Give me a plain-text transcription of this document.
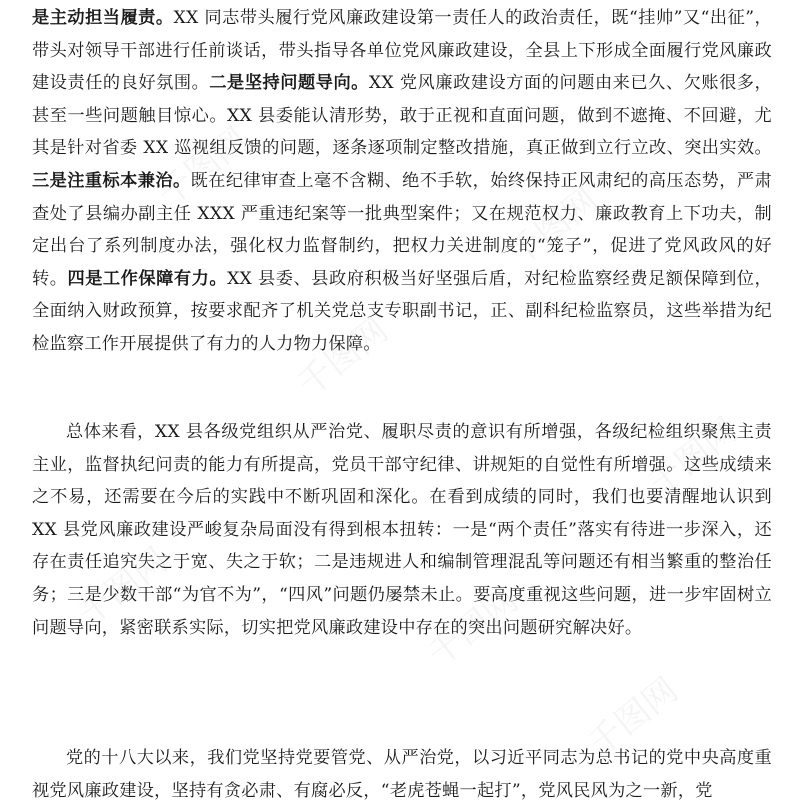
是主动担当履责。XX 同志带头履行党风廉政建设第一责任人的政治责任，既“挂帅”又“出征”，带头对领导干部进行任前谈话，带头指导各单位党风廉政建设，全县上下形成全面履行党风廉政建设责任的良好氛围。二是坚持问题导向。XX 党风廉政建设方面的问题由来已久、欠账很多，甚至一些问题触目惊心。XX 县委能认清形势，敢于正视和直面问题，做到不遮掩、不回避，尤其是针对省委 XX 巡视组反馈的问题，逐条逐项制定整改措施，真正做到立行立改、突出实效。三是注重标本兼治。既在纪律审查上毫不含糊、绝不手软，始终保持正风肃纪的高压态势，严肃查处了县编办副主任 XXX 严重违纪案等一批典型案件；又在规范权力、廉政教育上下功夫，制定出台了系列制度办法，强化权力监督制约，把权力关进制度的“笼子”，促进了党风政风的好转。四是工作保障有力。XX 县委、县政府积极当好坚强后盾，对纪检监察经费足额保障到位，全面纳入财政预算，按要求配齐了机关党总支专职副书记，正、副科纪检监察员，这些举措为纪检监察工作开展提供了有力的人力物力保障。

总体来看，XX 县各级党组织从严治党、履职尽责的意识有所增强，各级纪检组织聚焦主责主业，监督执纪问责的能力有所提高，党员干部守纪律、讲规矩的自觉性有所增强。这些成绩来之不易，还需要在今后的实践中不断巩固和深化。在看到成绩的同时，我们也要清醒地认识到 XX 县党风廉政建设严峻复杂局面没有得到根本扭转：一是“两个责任”落实有待进一步深入，还存在责任追究失之于宽、失之于软；二是违规进人和编制管理混乱等问题还有相当繁重的整治任务；三是少数干部“为官不为”，“四风”问题仍屡禁未止。要高度重视这些问题，进一步牢固树立问题导向，紧密联系实际，切实把党风廉政建设中存在的突出问题研究解决好。

党的十八大以来，我们党坚持党要管党、从严治党，以习近平同志为总书记的党中央高度重视党风廉政建设，坚持有贪必肃、有腐必反，“老虎苍蝇一起打”，党风民风为之一新，党

千图网
千图网
千图网
千图网
千图网	千图网
千图网
